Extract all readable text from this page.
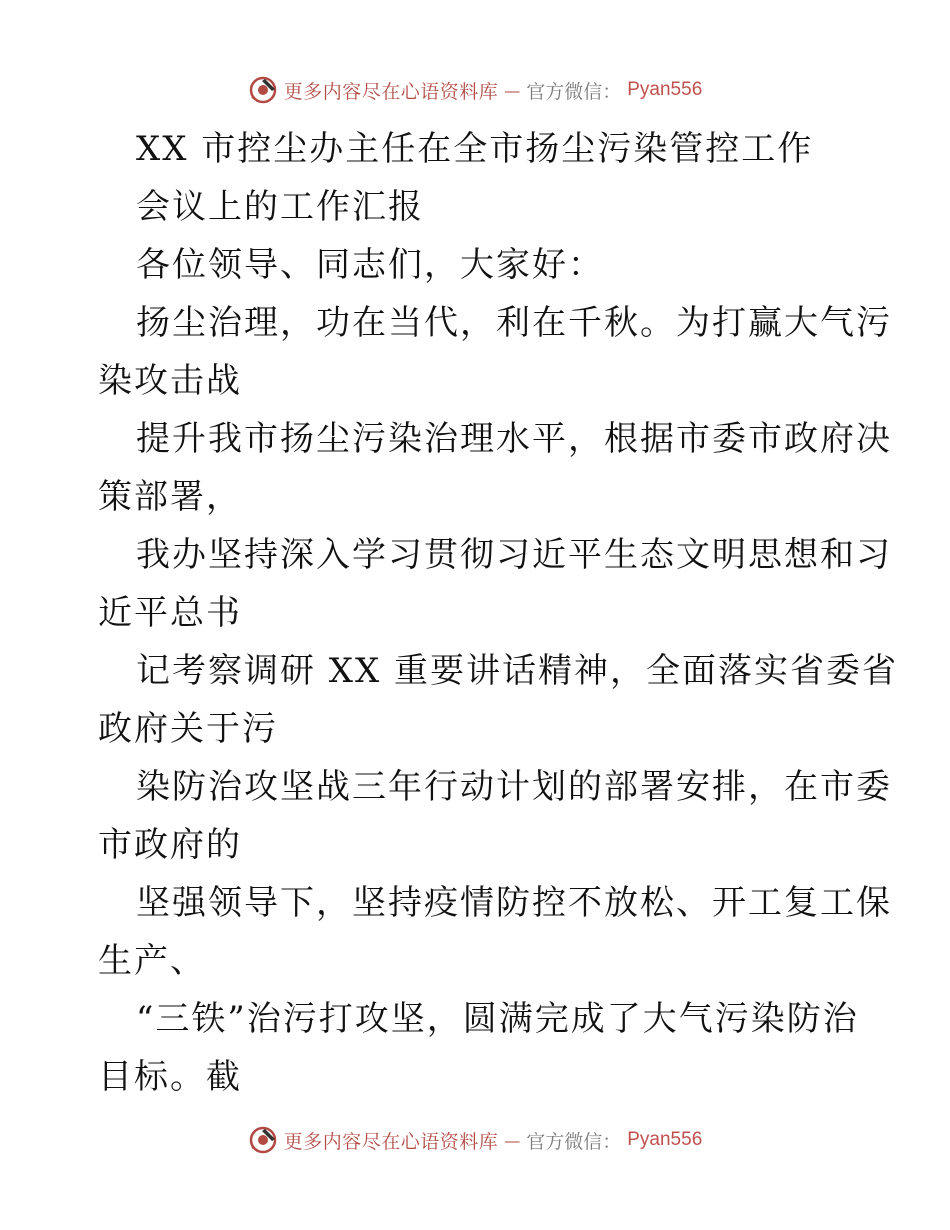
更多内容尽在心语资料库 — 官方微信： Pyan556
XX 市控尘办主任在全市扬尘污染管控工作
会议上的工作汇报
各位领导、同志们，大家好：
扬尘治理，功在当代，利在千秋。为打赢大气污
染攻击战
提升我市扬尘污染治理水平，根据市委市政府决
策部署，
我办坚持深入学习贯彻习近平生态文明思想和习
近平总书
记考察调研 XX 重要讲话精神，全面落实省委省
政府关于污
染防治攻坚战三年行动计划的部署安排，在市委
市政府的
坚强领导下，坚持疫情防控不放松、开工复工保
生产、
“三铁”治污打攻坚，圆满完成了大气污染防治
目标。截
更多内容尽在心语资料库 — 官方微信： Pyan556
